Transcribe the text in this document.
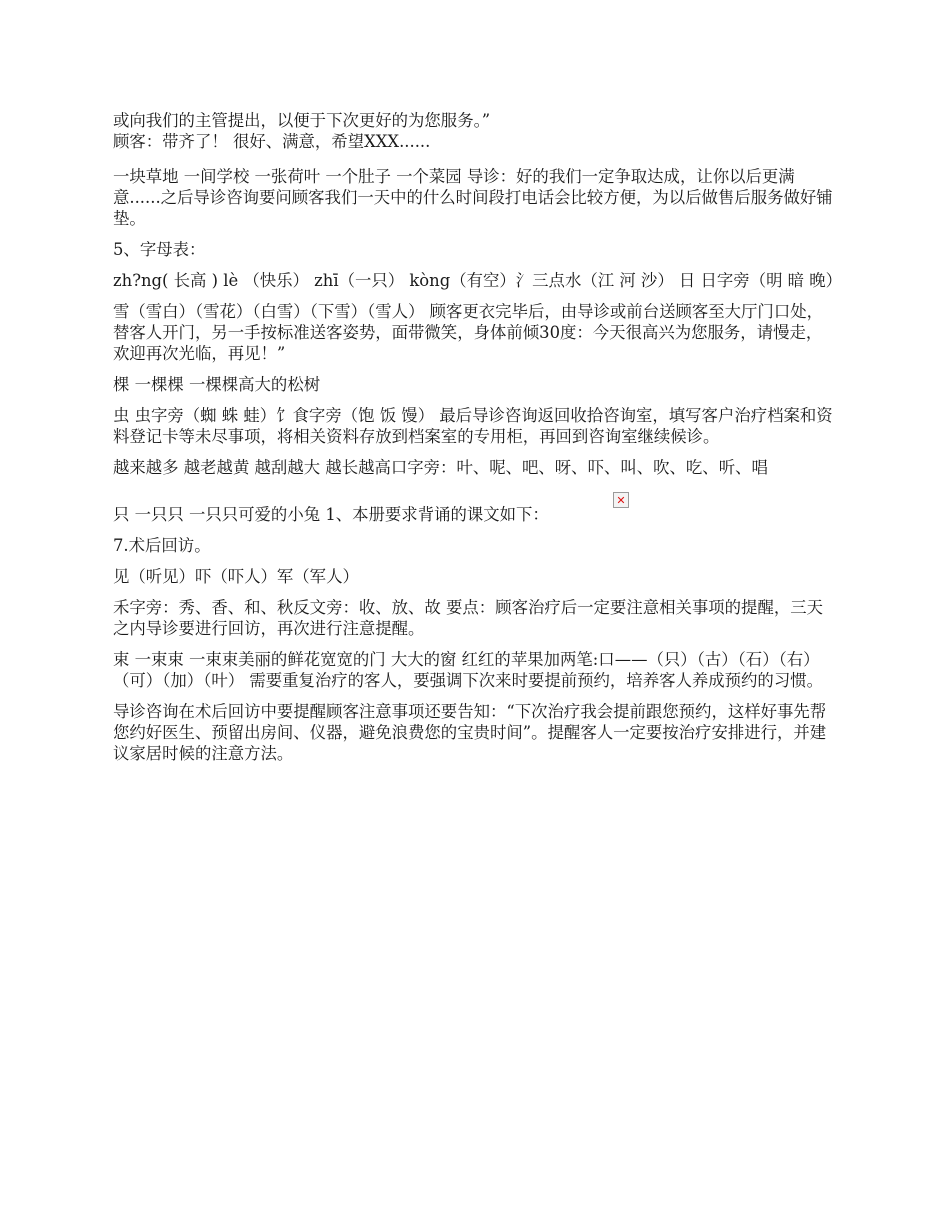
或向我们的主管提出，以便于下次更好的为您服务。”

顾客：带齐了！ 很好、满意，希望XXX......

一块草地 一间学校 一张荷叶 一个肚子 一个菜园 导诊：好的我们一定争取达成，让你以后更满意......之后导诊咨询要问顾客我们一天中的什么时间段打电话会比较方便，为以后做售后服务做好铺垫。

5、字母表：

zh?ng( 长高 ) lè （快乐） zhī（一只） kòng（有空）氵三点水（江 河 沙） 日 日字旁（明 暗 晚）

雪（雪白）（雪花）（白雪）（下雪）（雪人） 顾客更衣完毕后，由导诊或前台送顾客至大厅门口处，替客人开门，另一手按标准送客姿势，面带微笑，身体前倾30度：今天很高兴为您服务，请慢走，欢迎再次光临，再见！”

棵 一棵棵 一棵棵高大的松树

虫 虫字旁（蜘 蛛 蛙）饣食字旁（饱 饭 馒） 最后导诊咨询返回收拾咨询室，填写客户治疗档案和资料登记卡等未尽事项，将相关资料存放到档案室的专用柜，再回到咨询室继续候诊。

越来越多 越老越黄 越刮越大 越长越高口字旁：叶、呢、吧、呀、吓、叫、吹、吃、听、唱

✕

只 一只只 一只只可爱的小兔 1、本册要求背诵的课文如下：

7.术后回访。

见（听见）吓（吓人）军（军人）

禾字旁：秀、香、和、秋反文旁：收、放、故 要点：顾客治疗后一定要注意相关事项的提醒，三天之内导诊要进行回访，再次进行注意提醒。

束 一束束 一束束美丽的鲜花宽宽的门 大大的窗 红红的苹果加两笔:口——（只）（古）（石）（右）（可）（加）（叶） 需要重复治疗的客人，要强调下次来时要提前预约，培养客人养成预约的习惯。

导诊咨询在术后回访中要提醒顾客注意事项还要告知：“下次治疗我会提前跟您预约，这样好事先帮您约好医生、预留出房间、仪器，避免浪费您的宝贵时间”。提醒客人一定要按治疗安排进行，并建议家居时候的注意方法。
